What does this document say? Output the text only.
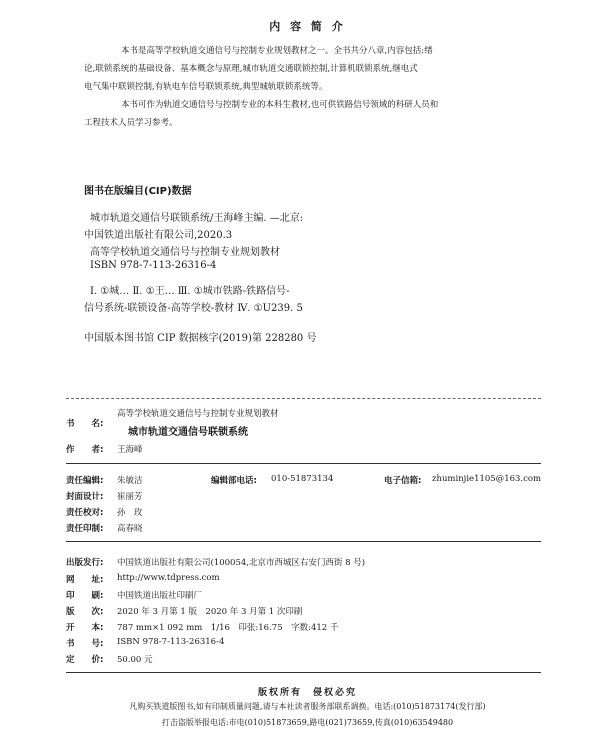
内 容 简 介
本书是高等学校轨道交通信号与控制专业规划教材之一。全书共分八章,内容包括:绪
论,联锁系统的基础设备、基本概念与原理,城市轨道交通联锁控制,计算机联锁系统,继电式
电气集中联锁控制,有轨电车信号联锁系统,典型城轨联锁系统等。
本书可作为轨道交通信号与控制专业的本科生教材,也可供铁路信号领域的科研人员和
工程技术人员学习参考。
图书在版编目(CIP)数据
城市轨道交通信号联锁系统/王海峰主编. —北京:
中国铁道出版社有限公司,2020.3
高等学校轨道交通信号与控制专业规划教材
ISBN 978-7-113-26316-4
Ⅰ. ①城… Ⅱ. ①王… Ⅲ. ①城市铁路-铁路信号-
信号系统-联锁设备-高等学校-教材 Ⅳ. ①U239. 5
中国版本图书馆 CIP 数据核字(2019)第 228280 号
书　　名:
高等学校轨道交通信号与控制专业规划教材
城市轨道交通信号联锁系统
作　　者: 王海峰
责任编辑: 朱敏洁	编辑部电话: 010-51873134	电子信箱: zhuminjie1105@163.com
封面设计: 崔丽芳
责任校对: 孙　玫
责任印制: 高春晓
出版发行: 中国铁道出版社有限公司(100054,北京市西城区右安门西街 8 号)
网　　址: http://www.tdpress.com
印　　刷: 中国铁道出版社印刷厂
版　　次: 2020 年 3 月第 1 版　2020 年 3 月第 1 次印刷
开　　本: 787 mm×1 092 mm　1/16　印张:16.75　字数:412 千
书　　号: ISBN 978-7-113-26316-4
定　　价: 50.00 元
版权所有　侵权必究
凡购买铁道版图书,如有印制质量问题,请与本社读者服务部联系调换。电话:(010)51873174(发行部)
打击盗版举报电话:市电(010)51873659,路电(021)73659,传真(010)63549480
